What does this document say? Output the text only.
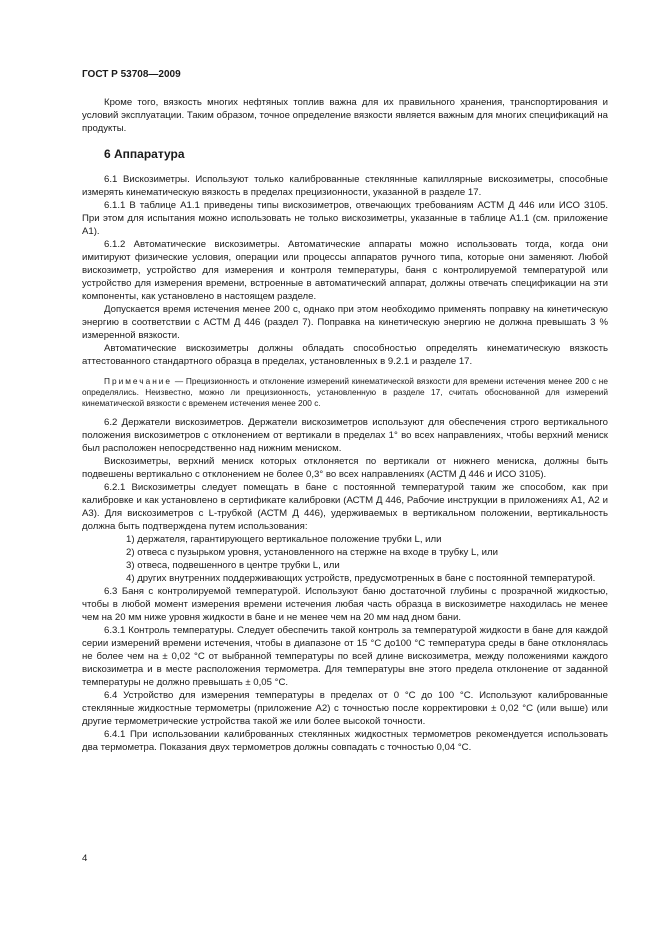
ГОСТ Р 53708—2009

Кроме того, вязкость многих нефтяных топлив важна для их правильного хранения, транспортирования и условий эксплуатации. Таким образом, точное определение вязкости является важным для многих спецификаций на продукты.

6 Аппаратура

6.1 Вискозиметры. Используют только калиброванные стеклянные капиллярные вискозиметры, способные измерять кинематическую вязкость в пределах прецизионности, указанной в разделе 17.

6.1.1 В таблице А1.1 приведены типы вискозиметров, отвечающих требованиям АСТМ Д 446 или ИСО 3105. При этом для испытания можно использовать не только вискозиметры, указанные в таблице А1.1 (см. приложение А1).

6.1.2 Автоматические вискозиметры. Автоматические аппараты можно использовать тогда, когда они имитируют физические условия, операции или процессы аппаратов ручного типа, которые они заменяют. Любой вискозиметр, устройство для измерения и контроля температуры, баня с контролируемой температурой или устройство для измерения времени, встроенные в автоматический аппарат, должны отвечать спецификации на эти компоненты, как установлено в настоящем разделе.

Допускается время истечения менее 200 с, однако при этом необходимо применять поправку на кинетическую энергию в соответствии с АСТМ Д 446 (раздел 7). Поправка на кинетическую энергию не должна превышать 3 % измеренной вязкости.

Автоматические вискозиметры должны обладать способностью определять кинематическую вязкость аттестованного стандартного образца в пределах, установленных в 9.2.1 и разделе 17.

Примечание — Прецизионность и отклонение измерений кинематической вязкости для времени истечения менее 200 с не определялись. Неизвестно, можно ли прецизионность, установленную в разделе 17, считать обоснованной для измерений кинематической вязкости с временем истечения менее 200 с.

6.2 Держатели вискозиметров. Держатели вискозиметров используют для обеспечения строго вертикального положения вискозиметров с отклонением от вертикали в пределах 1° во всех направлениях, чтобы верхний мениск был расположен непосредственно над нижним мениском.

Вискозиметры, верхний мениск которых отклоняется по вертикали от нижнего мениска, должны быть подвешены вертикально с отклонением не более 0,3° во всех направлениях (АСТМ Д 446 и ИСО 3105).

6.2.1 Вискозиметры следует помещать в бане с постоянной температурой таким же способом, как при калибровке и как установлено в сертификате калибровки (АСТМ Д 446, Рабочие инструкции в приложениях А1, А2 и А3). Для вискозиметров с L-трубкой (АСТМ Д 446), удерживаемых в вертикальном положении, вертикальность должна быть подтверждена путем использования:

1) держателя, гарантирующего вертикальное положение трубки L, или

2) отвеса с пузырьком уровня, установленного на стержне на входе в трубку L, или

3) отвеса, подвешенного в центре трубки L, или

4) других внутренних поддерживающих устройств, предусмотренных в бане с постоянной температурой.

6.3 Баня с контролируемой температурой. Используют баню достаточной глубины с прозрачной жидкостью, чтобы в любой момент измерения времени истечения любая часть образца в вискозиметре находилась не менее чем на 20 мм ниже уровня жидкости в бане и не менее чем на 20 мм над дном бани.

6.3.1 Контроль температуры. Следует обеспечить такой контроль за температурой жидкости в бане для каждой серии измерений времени истечения, чтобы в диапазоне от 15 °С до100 °С температура среды в бане отклонялась не более чем на ± 0,02 °С от выбранной температуры по всей длине вискозиметра, между положениями каждого вискозиметра и в месте расположения термометра. Для температуры вне этого предела отклонение от заданной температуры не должно превышать ± 0,05 °С.

6.4 Устройство для измерения температуры в пределах от 0 °С до 100 °С. Используют калиброванные стеклянные жидкостные термометры (приложение А2) с точностью после корректировки ± 0,02 °С (или выше) или другие термометрические устройства такой же или более высокой точности.

6.4.1 При использовании калиброванных стеклянных жидкостных термометров рекомендуется использовать два термометра. Показания двух термометров должны совпадать с точностью 0,04 °С.

4
